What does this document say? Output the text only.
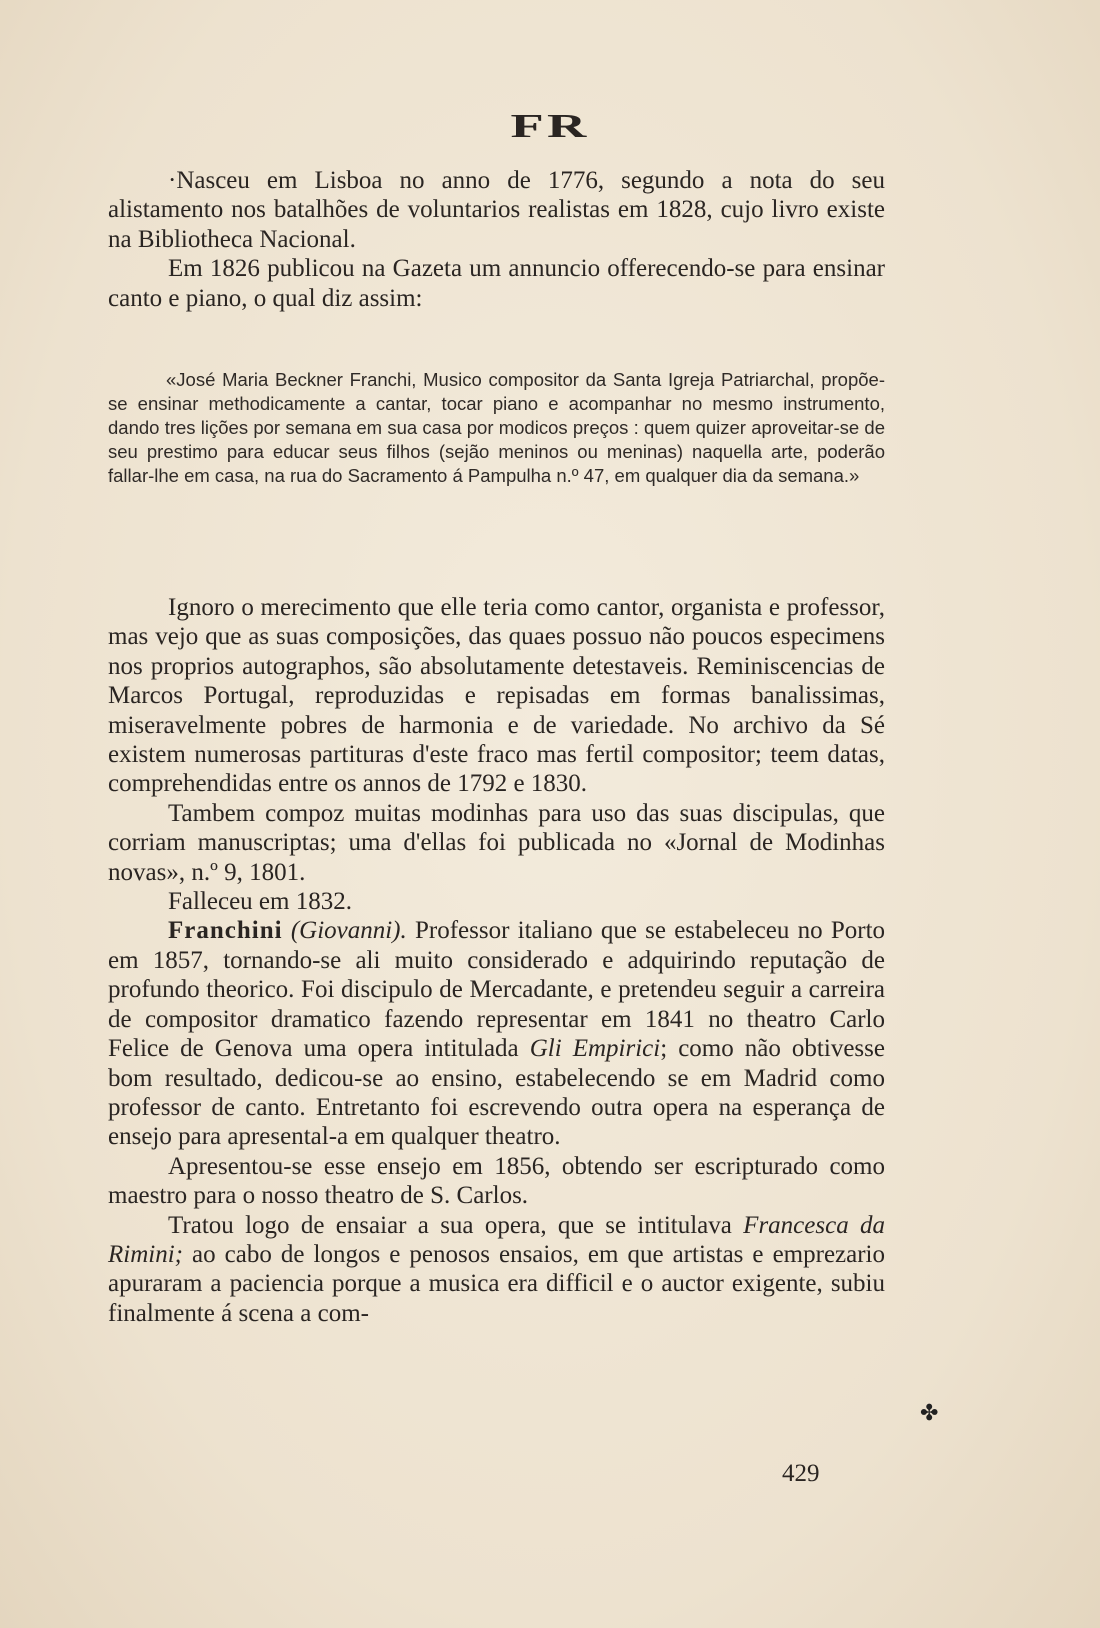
FR

·Nasceu em Lisboa no anno de 1776, segundo a nota do seu alistamento nos batalhões de voluntarios realistas em 1828, cujo livro existe na Bibliotheca Nacional.

Em 1826 publicou na Gazeta um annuncio offerecendo-se para ensinar canto e piano, o qual diz assim:

«José Maria Beckner Franchi, Musico compositor da Santa Igreja Patriarchal, propõe-se ensinar methodicamente a cantar, tocar piano e acompanhar no mesmo instrumento, dando tres lições por semana em sua casa por modicos preços : quem quizer aproveitar-se de seu prestimo para educar seus filhos (sejão meninos ou meninas) naquella arte, poderão fallar-lhe em casa, na rua do Sacramento á Pampulha n.º 47, em qualquer dia da semana.»

Ignoro o merecimento que elle teria como cantor, organista e professor, mas vejo que as suas composições, das quaes possuo não poucos especimens nos proprios autographos, são absolutamente detestaveis. Reminiscencias de Marcos Portugal, reproduzidas e repisadas em formas banalissimas, miseravelmente pobres de harmonia e de variedade. No archivo da Sé existem numerosas partituras d'este fraco mas fertil compositor; teem datas, comprehendidas entre os annos de 1792 e 1830.

Tambem compoz muitas modinhas para uso das suas discipulas, que corriam manuscriptas; uma d'ellas foi publicada no «Jornal de Modinhas novas», n.º 9, 1801.

Falleceu em 1832.

Franchini (Giovanni). Professor italiano que se estabeleceu no Porto em 1857, tornando-se ali muito considerado e adquirindo reputação de profundo theorico. Foi discipulo de Mercadante, e pretendeu seguir a carreira de compositor dramatico fazendo representar em 1841 no theatro Carlo Felice de Genova uma opera intitulada Gli Empirici; como não obtivesse bom resultado, dedicou-se ao ensino, estabelecendo se em Madrid como professor de canto. Entretanto foi escrevendo outra opera na esperança de ensejo para apresental-a em qualquer theatro.

Apresentou-se esse ensejo em 1856, obtendo ser escripturado como maestro para o nosso theatro de S. Carlos.

Tratou logo de ensaiar a sua opera, que se intitulava Francesca da Rimini; ao cabo de longos e penosos ensaios, em que artistas e emprezario apuraram a paciencia porque a musica era difficil e o auctor exigente, subiu finalmente á scena a com-

✤
429
